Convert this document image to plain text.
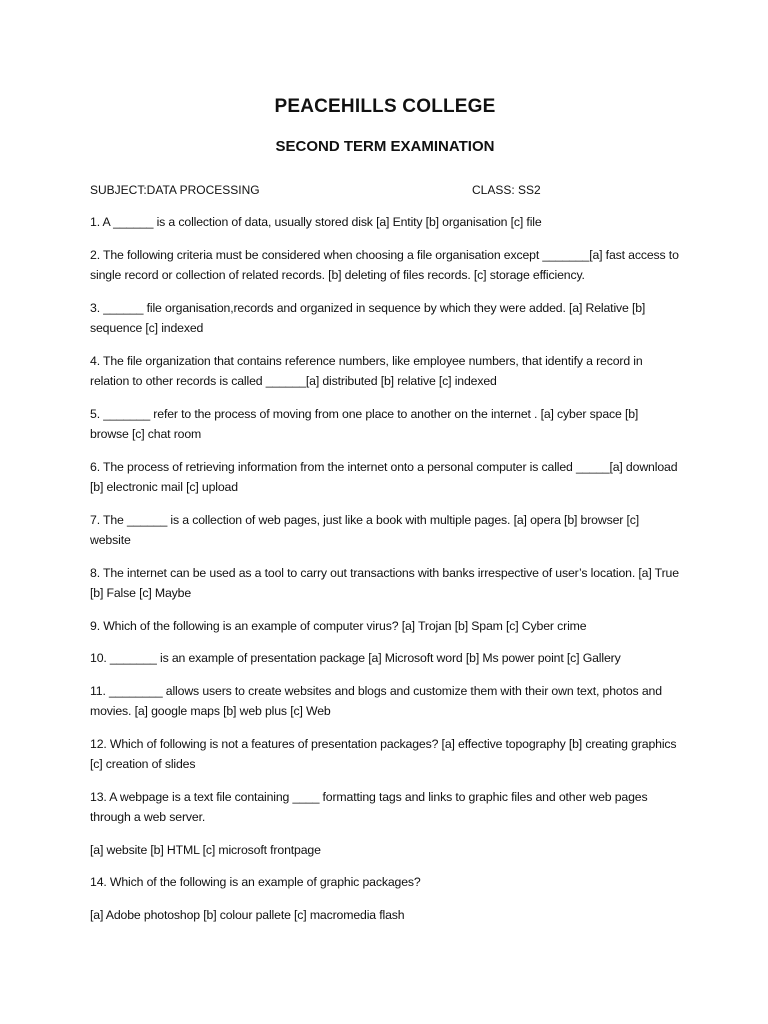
PEACEHILLS COLLEGE
SECOND TERM EXAMINATION
SUBJECT:DATA PROCESSING	CLASS: SS2

1. A ______ is a collection of data, usually stored disk [a] Entity [b] organisation [c] file

2. The following criteria must be considered when choosing a file organisation except _______[a] fast access to single record or collection of related records. [b] deleting of files records. [c] storage efficiency.

3. ______ file organisation,records and organized in sequence by which they were added. [a] Relative [b] sequence [c] indexed

4. The file organization that contains reference numbers, like employee numbers, that identify a record in relation to other records is called ______[a] distributed [b] relative [c] indexed

5. _______ refer to the process of moving from one place to another on the internet . [a] cyber space [b] browse [c] chat room

6. The process of retrieving information from the internet onto a personal computer is called _____[a] download [b] electronic mail [c] upload

7. The ______ is a collection of web pages, just like a book with multiple pages. [a] opera [b] browser [c] website

8. The internet can be used as a tool to carry out transactions with banks irrespective of user’s location. [a] True [b] False [c] Maybe

9. Which of the following is an example of computer virus? [a] Trojan [b] Spam [c] Cyber crime

10. _______ is an example of presentation package [a] Microsoft word [b] Ms power point [c] Gallery

11. ________ allows users to create websites and blogs and customize them with their own text, photos and movies. [a] google maps [b] web plus [c] Web

12. Which of following is not a features of presentation packages? [a] effective topography [b] creating graphics [c] creation of slides

13. A webpage is a text file containing ____ formatting tags and links to graphic files and other web pages through a web server.

[a] website [b] HTML [c] microsoft frontpage

14. Which of the following is an example of graphic packages?

[a] Adobe photoshop [b] colour pallete [c] macromedia flash
